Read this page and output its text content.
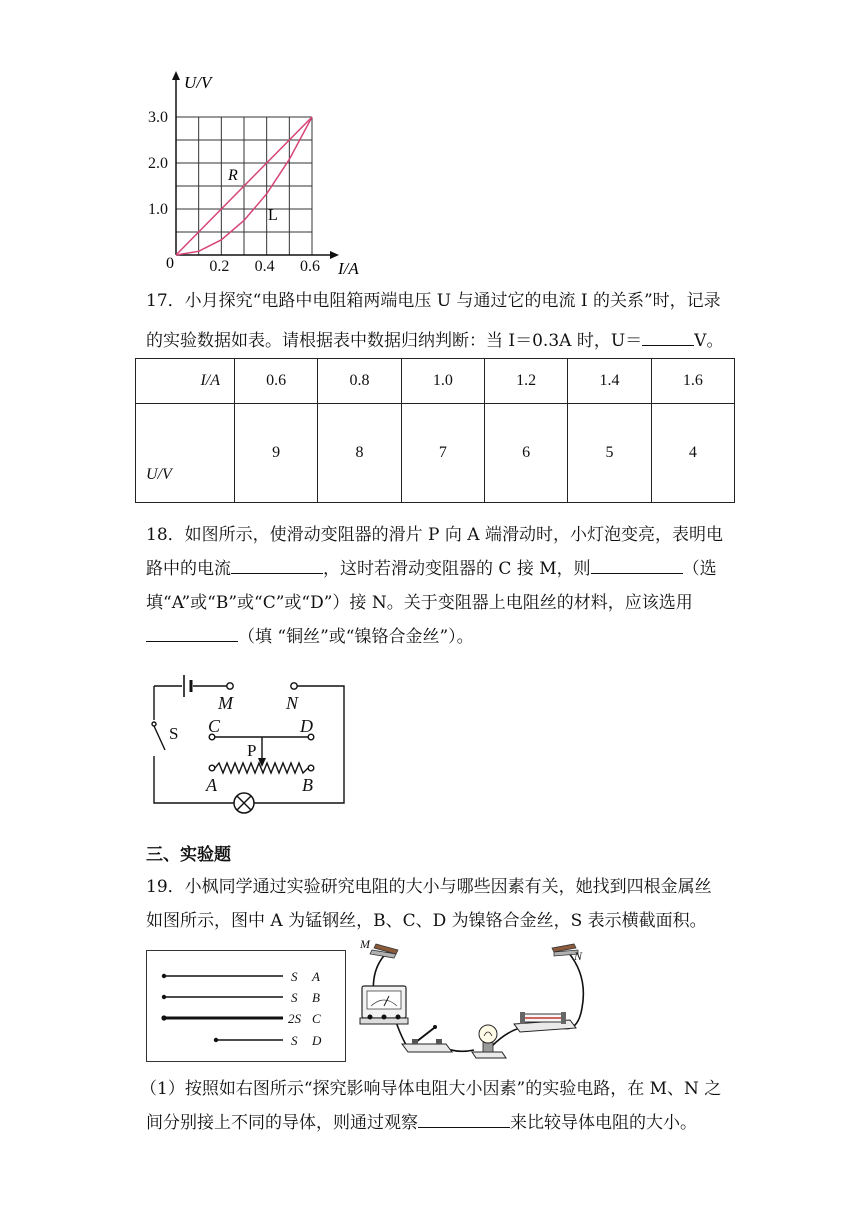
1.0
2.0
3.0
0.2 0.4 0.6
U/V
I/A
0
R
L
17．小月探究“电路中电阻箱两端电压 U 与通过它的电流 I 的关系”时，记录
的实验数据如表。请根据表中数据归纳判断：当 I＝0.3A 时，U＝	V。
I/A	0.6	0.8	1.0	1.2	1.4	1.6
U/V	9	8	7	6	5	4
18．如图所示，使滑动变阻器的滑片 P 向 A 端滑动时，小灯泡变亮，表明电
路中的电流	，这时若滑动变阻器的 C 接 M，则	（选
填“A”或“B”或“C”或“D”）接 N。关于变阻器上电阻丝的材料，应该选用
（填 “铜丝”或“镍铬合金丝”）。
M	N
C	D
A	B
S
P
三、实验题
19．小枫同学通过实验研究电阻的大小与哪些因素有关，她找到四根金属丝
如图所示，图中 A 为锰钢丝，B、C、D 为镍铬合金丝，S 表示横截面积。
S A
S B
2S C
S D
M
N
（1）按照如右图所示“探究影响导体电阻大小因素”的实验电路，在 M、N 之
间分别接上不同的导体，则通过观察	来比较导体电阻的大小。
